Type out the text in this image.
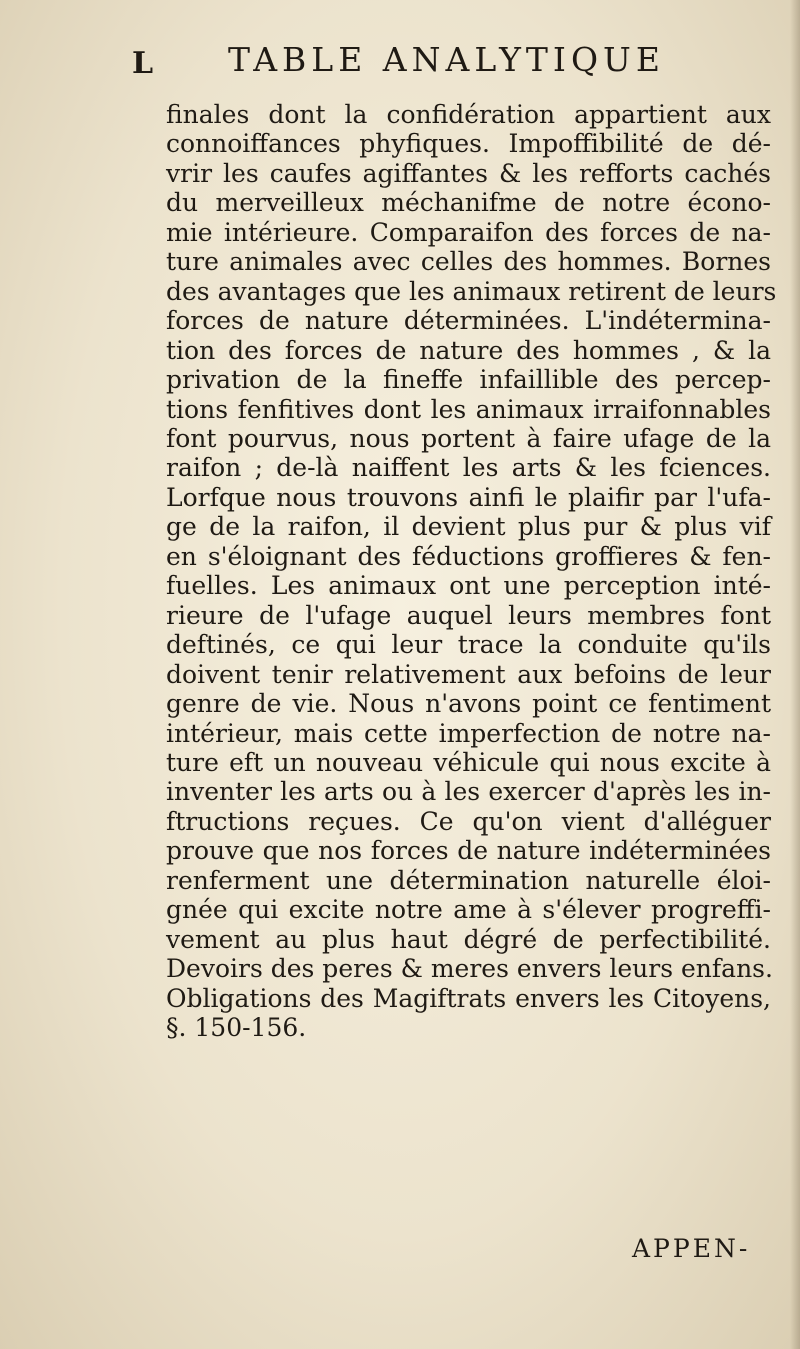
L TABLE ANALYTIQUE

finales dont la confidération appartient aux
connoiffances phyfiques. Impoffibilité de dé-
vrir les caufes agiffantes & les refforts cachés
du merveilleux méchanifme de notre écono-
mie intérieure. Comparaifon des forces de na-
ture animales avec celles des hommes. Bornes
des avantages que les animaux retirent de leurs
forces de nature déterminées. L'indétermina-
tion des forces de nature des hommes , & la
privation de la fineffe infaillible des percep-
tions fenfitives dont les animaux irraifonnables
font pourvus, nous portent à faire ufage de la
raifon ; de-là naiffent les arts & les fciences.
Lorfque nous trouvons ainfi le plaifir par l'ufa-
ge de la raifon, il devient plus pur & plus vif
en s'éloignant des féductions groffieres & fen-
fuelles. Les animaux ont une perception inté-
rieure de l'ufage auquel leurs membres font
deftinés, ce qui leur trace la conduite qu'ils
doivent tenir relativement aux befoins de leur
genre de vie. Nous n'avons point ce fentiment
intérieur, mais cette imperfection de notre na-
ture eft un nouveau véhicule qui nous excite à
inventer les arts ou à les exercer d'après les in-
ftructions reçues. Ce qu'on vient d'alléguer
prouve que nos forces de nature indéterminées
renferment une détermination naturelle éloi-
gnée qui excite notre ame à s'élever progreffi-
vement au plus haut dégré de perfectibilité.
Devoirs des peres & meres envers leurs enfans.
Obligations des Magiftrats envers les Citoyens,
§. 150-156.

APPEN-
